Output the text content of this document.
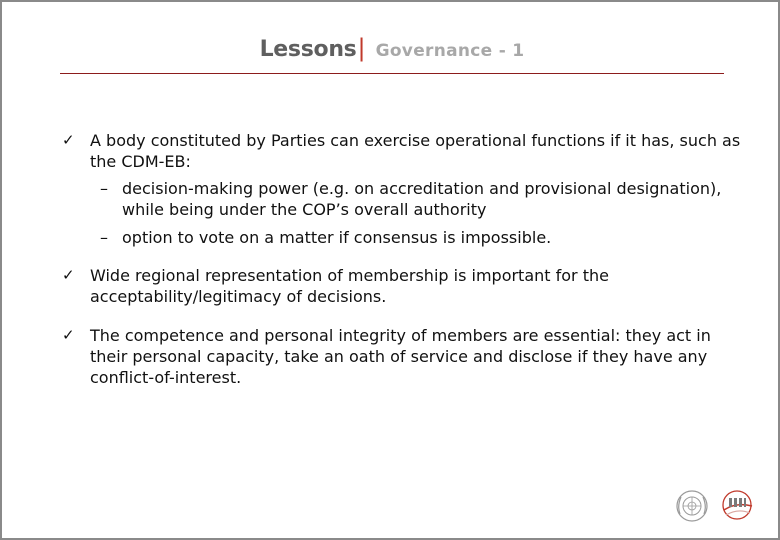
Lessons| Governance - 1
✓ A body constituted by Parties can exercise operational functions if it has, such as the CDM-EB:
– decision-making power (e.g. on accreditation and provisional designation), while being under the COP’s overall authority
– option to vote on a matter if consensus is impossible.
✓ Wide regional representation of membership is important for the acceptability/legitimacy of decisions.
✓ The competence and personal integrity of members are essential: they act in their personal capacity, take an oath of service and disclose if they have any conflict-of-interest.
